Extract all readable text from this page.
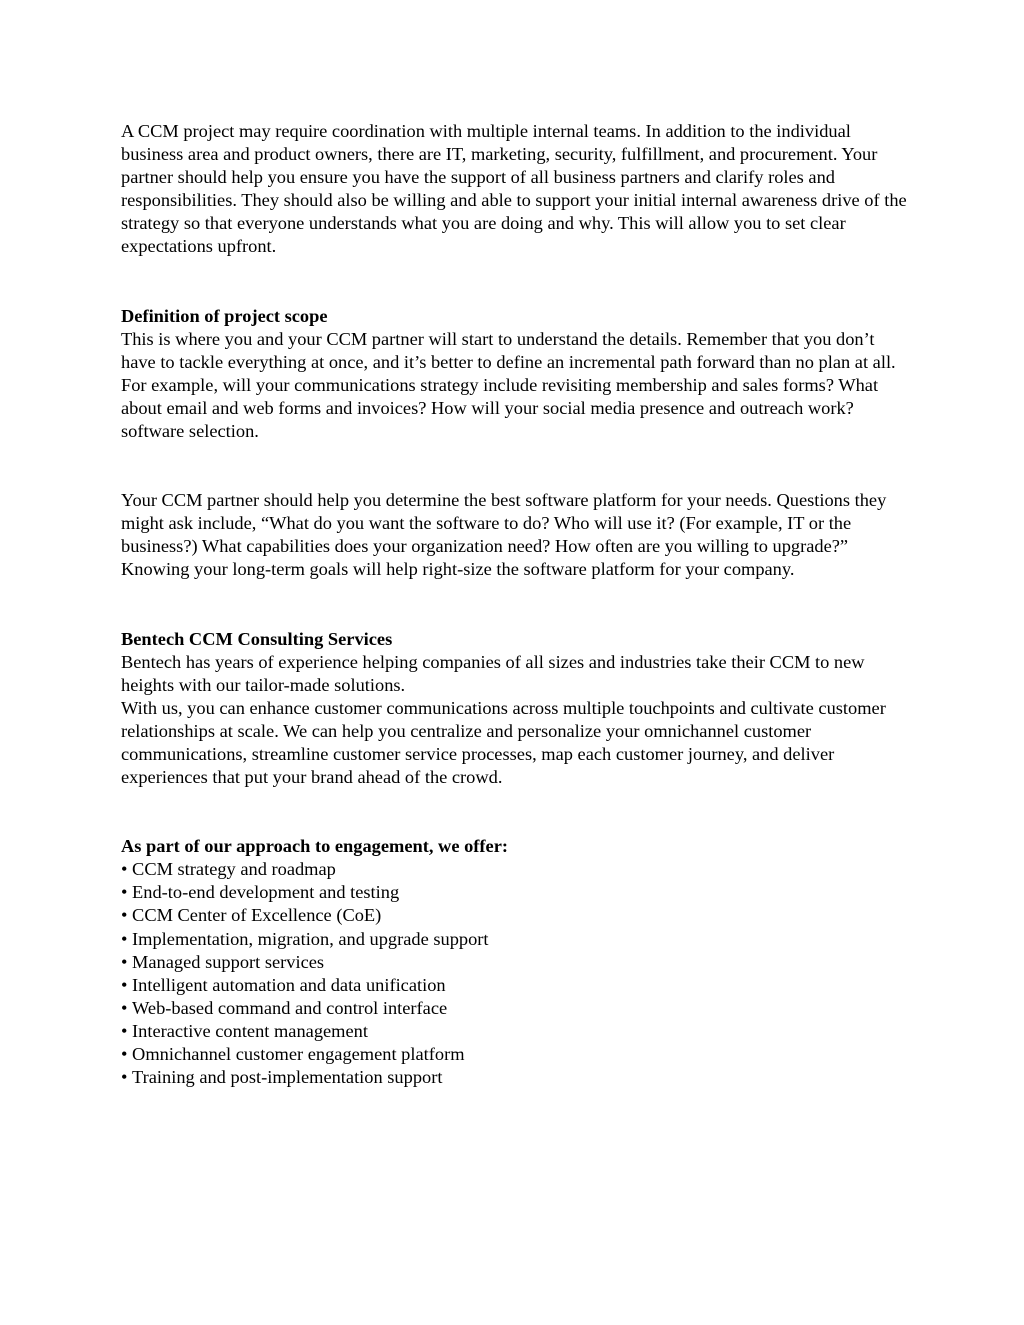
A CCM project may require coordination with multiple internal teams. In addition to the individual business area and product owners, there are IT, marketing, security, fulfillment, and procurement. Your partner should help you ensure you have the support of all business partners and clarify roles and responsibilities. They should also be willing and able to support your initial internal awareness drive of the strategy so that everyone understands what you are doing and why. This will allow you to set clear expectations upfront.

Definition of project scope

This is where you and your CCM partner will start to understand the details. Remember that you don’t have to tackle everything at once, and it’s better to define an incremental path forward than no plan at all. For example, will your communications strategy include revisiting membership and sales forms? What about email and web forms and invoices? How will your social media presence and outreach work?

software selection.

Your CCM partner should help you determine the best software platform for your needs. Questions they might ask include, “What do you want the software to do? Who will use it? (For example, IT or the business?) What capabilities does your organization need? How often are you willing to upgrade?” Knowing your long-term goals will help right-size the software platform for your company.

Bentech CCM Consulting Services

Bentech has years of experience helping companies of all sizes and industries take their CCM to new heights with our tailor-made solutions.

With us, you can enhance customer communications across multiple touchpoints and cultivate customer relationships at scale. We can help you centralize and personalize your omnichannel customer communications, streamline customer service processes, map each customer journey, and deliver experiences that put your brand ahead of the crowd.

As part of our approach to engagement, we offer:

• CCM strategy and roadmap
• End-to-end development and testing
• CCM Center of Excellence (CoE)
• Implementation, migration, and upgrade support
• Managed support services
• Intelligent automation and data unification
• Web-based command and control interface
• Interactive content management
• Omnichannel customer engagement platform
• Training and post-implementation support
